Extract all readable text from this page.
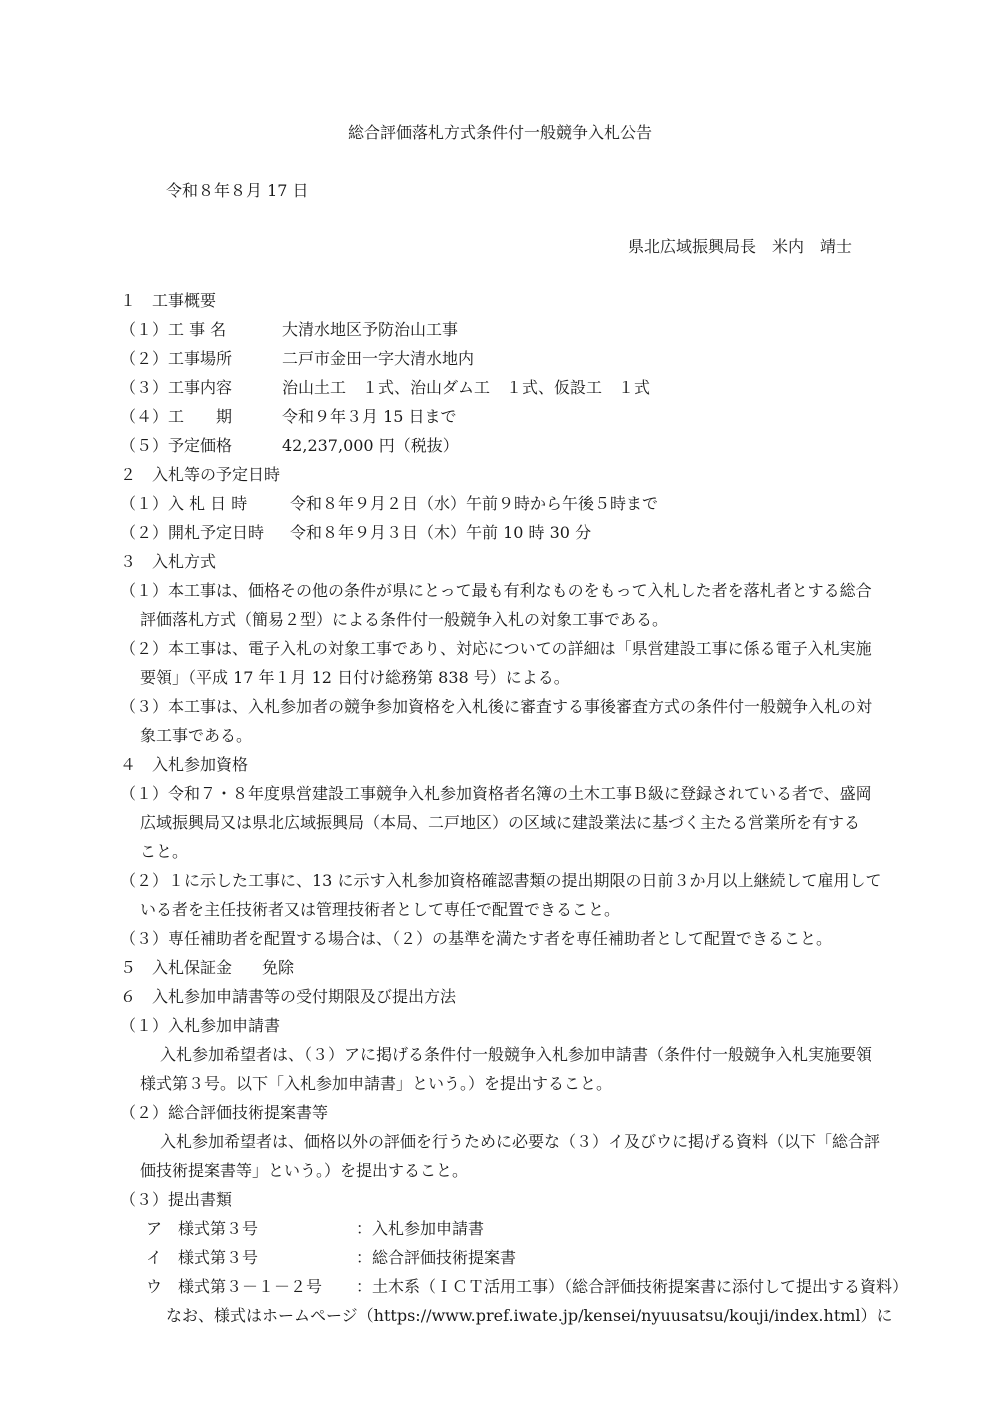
総合評価落札方式条件付一般競争入札公告
令和８年８月 17 日
県北広域振興局長　米内　靖士
１　工事概要
（１）工 事 名	大清水地区予防治山工事
（２）工事場所	二戸市金田一字大清水地内
（３）工事内容	治山土工　１式、治山ダム工　１式、仮設工　１式
（４）工　　期	令和９年３月 15 日まで
（５）予定価格	42,237,000 円（税抜）
２　入札等の予定日時
（１）入 札 日 時	令和８年９月２日（水）午前９時から午後５時まで
（２）開札予定日時 令和８年９月３日（木）午前 10 時 30 分
３　入札方式
（１）本工事は、価格その他の条件が県にとって最も有利なものをもって入札した者を落札者とする総合
評価落札方式（簡易２型）による条件付一般競争入札の対象工事である。
（２）本工事は、電子入札の対象工事であり、対応についての詳細は「県営建設工事に係る電子入札実施
要領」（平成 17 年１月 12 日付け総務第 838 号）による。
（３）本工事は、入札参加者の競争参加資格を入札後に審査する事後審査方式の条件付一般競争入札の対
象工事である。
４　入札参加資格
（１）令和７・８年度県営建設工事競争入札参加資格者名簿の土木工事Ｂ級に登録されている者で、盛岡
広域振興局又は県北広域振興局（本局、二戸地区）の区域に建設業法に基づく主たる営業所を有する
こと。
（２）１に示した工事に、13 に示す入札参加資格確認書類の提出期限の日前３か月以上継続して雇用して
いる者を主任技術者又は管理技術者として専任で配置できること。
（３）専任補助者を配置する場合は、（２）の基準を満たす者を専任補助者として配置できること。
５　入札保証金 免除
６　入札参加申請書等の受付期限及び提出方法
（１）入札参加申請書
入札参加希望者は、（３）アに掲げる条件付一般競争入札参加申請書（条件付一般競争入札実施要領
様式第３号。以下「入札参加申請書」という。）を提出すること。
（２）総合評価技術提案書等
入札参加希望者は、価格以外の評価を行うために必要な（３）イ及びウに掲げる資料（以下「総合評
価技術提案書等」という。）を提出すること。
（３）提出書類
ア　 様式第３号	：入札参加申請書
イ　 様式第３号	：総合評価技術提案書
ウ　 様式第３－１－２号 ：土木系（ＩＣＴ活用工事）（総合評価技術提案書に添付して提出する資料）
なお、様式はホームページ（https://www.pref.iwate.jp/kensei/nyuusatsu/kouji/index.html）に
